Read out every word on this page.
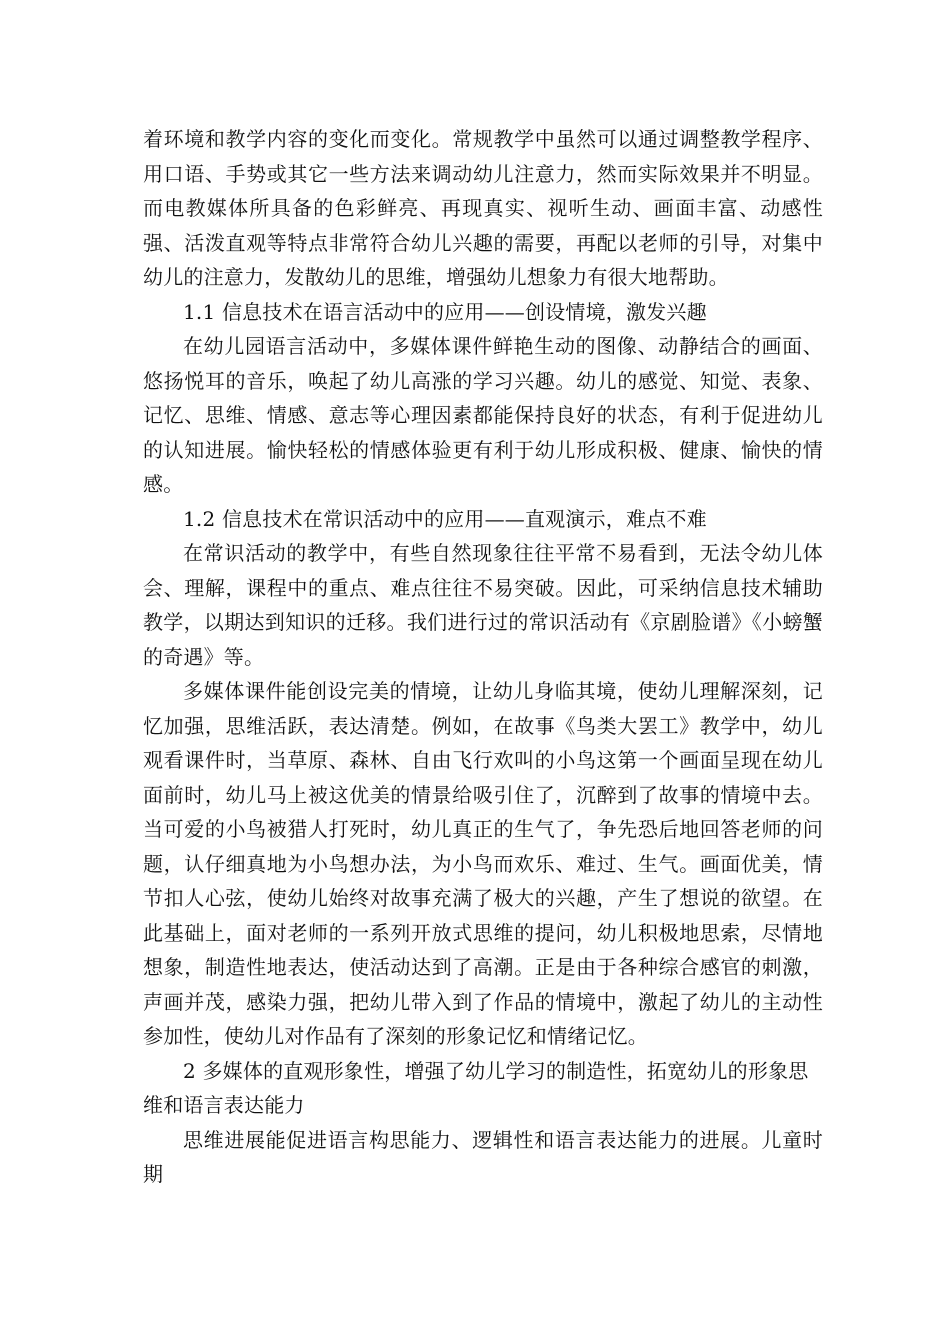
着环境和教学内容的变化而变化。常规教学中虽然可以通过调整教学程序、用口语、手势或其它一些方法来调动幼儿注意力，然而实际效果并不明显。而电教媒体所具备的色彩鲜亮、再现真实、视听生动、画面丰富、动感性强、活泼直观等特点非常符合幼儿兴趣的需要，再配以老师的引导，对集中幼儿的注意力，发散幼儿的思维，增强幼儿想象力有很大地帮助。

1.1 信息技术在语言活动中的应用——创设情境，激发兴趣

在幼儿园语言活动中，多媒体课件鲜艳生动的图像、动静结合的画面、悠扬悦耳的音乐，唤起了幼儿高涨的学习兴趣。幼儿的感觉、知觉、表象、记忆、思维、情感、意志等心理因素都能保持良好的状态，有利于促进幼儿的认知进展。愉快轻松的情感体验更有利于幼儿形成积极、健康、愉快的情感。

1.2 信息技术在常识活动中的应用——直观演示，难点不难

在常识活动的教学中，有些自然现象往往平常不易看到，无法令幼儿体会、理解，课程中的重点、难点往往不易突破。因此，可采纳信息技术辅助教学，以期达到知识的迁移。我们进行过的常识活动有《京剧脸谱》《小螃蟹的奇遇》等。

多媒体课件能创设完美的情境，让幼儿身临其境，使幼儿理解深刻，记忆加强，思维活跃，表达清楚。例如，在故事《鸟类大罢工》教学中，幼儿观看课件时，当草原、森林、自由飞行欢叫的小鸟这第一个画面呈现在幼儿面前时，幼儿马上被这优美的情景给吸引住了，沉醉到了故事的情境中去。当可爱的小鸟被猎人打死时，幼儿真正的生气了，争先恐后地回答老师的问题，认仔细真地为小鸟想办法，为小鸟而欢乐、难过、生气。画面优美，情节扣人心弦，使幼儿始终对故事充满了极大的兴趣，产生了想说的欲望。在此基础上，面对老师的一系列开放式思维的提问，幼儿积极地思索，尽情地想象，制造性地表达，使活动达到了高潮。正是由于各种综合感官的刺激，声画并茂，感染力强，把幼儿带入到了作品的情境中，激起了幼儿的主动性参加性，使幼儿对作品有了深刻的形象记忆和情绪记忆。

2 多媒体的直观形象性，增强了幼儿学习的制造性，拓宽幼儿的形象思维和语言表达能力

思维进展能促进语言构思能力、逻辑性和语言表达能力的进展。儿童时期
